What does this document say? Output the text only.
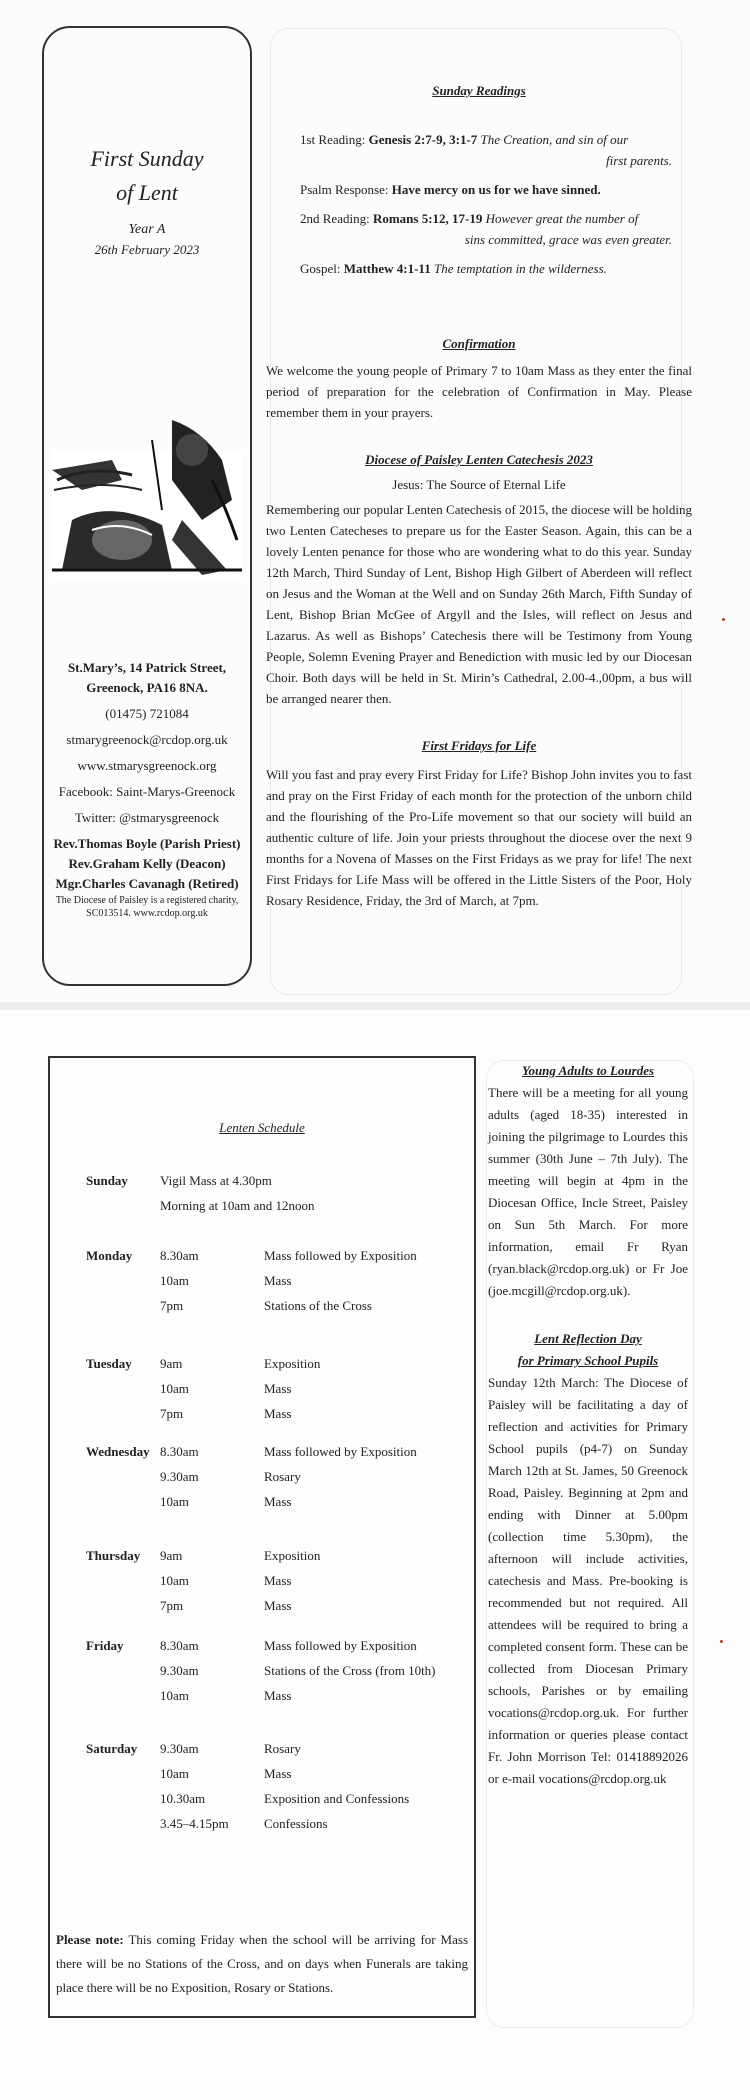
First Sunday
of Lent
Year A
26th February 2023

St.Mary’s, 14 Patrick Street,

Greenock, PA16 8NA.

(01475) 721084

stmarygreenock@rcdop.org.uk

www.stmarysgreenock.org

Facebook: Saint-Marys-Greenock

Twitter: @stmarysgreenock

Rev.Thomas Boyle (Parish Priest)

Rev.Graham Kelly (Deacon)

Mgr.Charles Cavanagh (Retired)

The Diocese of Paisley is a registered charity, SC013514. www.rcdop.org.uk

Sunday Readings
1st Reading: Genesis 2:7-9, 3:1-7 The Creation, and sin of our
first parents.
Psalm Response: Have mercy on us for we have sinned.
2nd Reading: Romans 5:12, 17-19 However great the number of
sins committed, grace was even greater.
Gospel: Matthew 4:1-11 The temptation in the wilderness.
Confirmation
We welcome the young people of Primary 7 to 10am Mass as they enter the final period of preparation for the celebration of Confirmation in May. Please remember them in your prayers.
Diocese of Paisley Lenten Catechesis 2023
Jesus: The Source of Eternal Life
Remembering our popular Lenten Catechesis of 2015, the diocese will be holding two Lenten Catecheses to prepare us for the Easter Season. Again, this can be a lovely Lenten penance for those who are wondering what to do this year. Sunday 12th March, Third Sunday of Lent, Bishop High Gilbert of Aberdeen will reflect on Jesus and the Woman at the Well and on Sunday 26th March, Fifth Sunday of Lent, Bishop Brian McGee of Argyll and the Isles, will reflect on Jesus and Lazarus. As well as Bishops’ Catechesis there will be Testimony from Young People, Solemn Evening Prayer and Benediction with music led by our Diocesan Choir. Both days will be held in St. Mirin’s Cathedral, 2.00-4.,00pm, a bus will be arranged nearer then.
First Fridays for Life
Will you fast and pray every First Friday for Life? Bishop John invites you to fast and pray on the First Friday of each month for the protection of the unborn child and the flourishing of the Pro-Life movement so that our society will build an authentic culture of life. Join your priests throughout the diocese over the next 9 months for a Novena of Masses on the First Fridays as we pray for life! The next First Fridays for Life Mass will be offered in the Little Sisters of the Poor, Holy Rosary Residence, Friday, the 3rd of March, at 7pm.
Lenten Schedule
Sunday Vigil Mass at 4.30pm
Morning at 10am and 12noon
Monday 8.30am	Mass followed by Exposition
10am	Mass
7pm	Stations of the Cross
Tuesday 9am	Exposition
10am	Mass
7pm	Mass
Wednesday 8.30am	Mass followed by Exposition
9.30am	Rosary
10am	Mass
Thursday 9am	Exposition
10am	Mass
7pm	Mass
Friday	8.30am	Mass followed by Exposition
9.30am	Stations of the Cross (from 10th)
10am	Mass
Saturday 9.30am	Rosary
10am	Mass
10.30am	Exposition and Confessions
3.45–4.15pm	Confessions
Please note: This coming Friday when the school will be arriving for Mass there will be no Stations of the Cross, and on days when Funerals are taking place there will be no Exposition, Rosary or Stations.
Young Adults to Lourdes
There will be a meeting for all young adults (aged 18-35) interested in joining the pilgrimage to Lourdes this summer (30th June – 7th July). The meeting will begin at 4pm in the Diocesan Office, Incle Street, Paisley on Sun 5th March. For more information, email Fr Ryan (ryan.black@rcdop.org.uk) or Fr Joe (joe.mcgill@rcdop.org.uk).
Lent Reflection Day
for Primary School Pupils
Sunday 12th March: The Diocese of Paisley will be facilitating a day of reflection and activities for Primary School pupils (p4-7) on Sunday March 12th at St. James, 50 Greenock Road, Paisley. Beginning at 2pm and ending with Dinner at 5.00pm (collection time 5.30pm), the afternoon will include activities, catechesis and Mass. Pre-booking is recommended but not required. All attendees will be required to bring a completed consent form. These can be collected from Diocesan Primary schools, Parishes or by emailing vocations@rcdop.org.uk. For further information or queries please contact Fr. John Morrison Tel: 01418892026 or e-mail vocations@rcdop.org.uk
